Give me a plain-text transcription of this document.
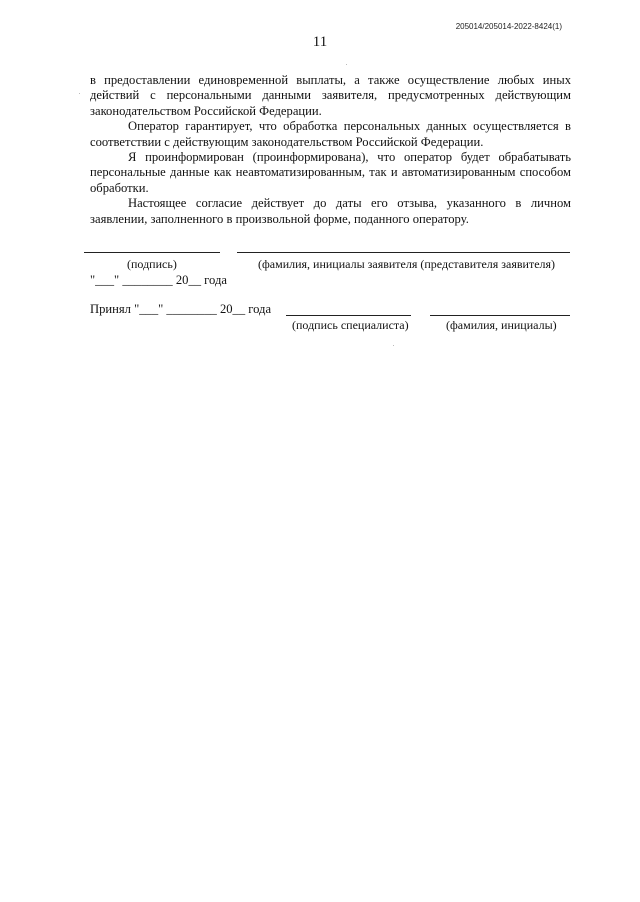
205014/205014-2022-8424(1)
11

в предоставлении единовременной выплаты, а также осуществление любых иных действий с персональными данными заявителя, предусмотренных действующим законодательством Российской Федерации.

Оператор гарантирует, что обработка персональных данных осуществляется в соответствии с действующим законодательством Российской Федерации.

Я проинформирован (проинформирована), что оператор будет обрабатывать персональные данные как неавтоматизированным, так и автоматизированным способом обработки.

Настоящее согласие действует до даты его отзыва, указанного в личном заявлении, заполненного в произвольной форме, поданного оператору.

(подпись)	(фамилия, инициалы заявителя (представителя заявителя)
"___" ________ 20__ года
Принял "___" ________ 20__ года
(подпись специалиста)	(фамилия, инициалы)
